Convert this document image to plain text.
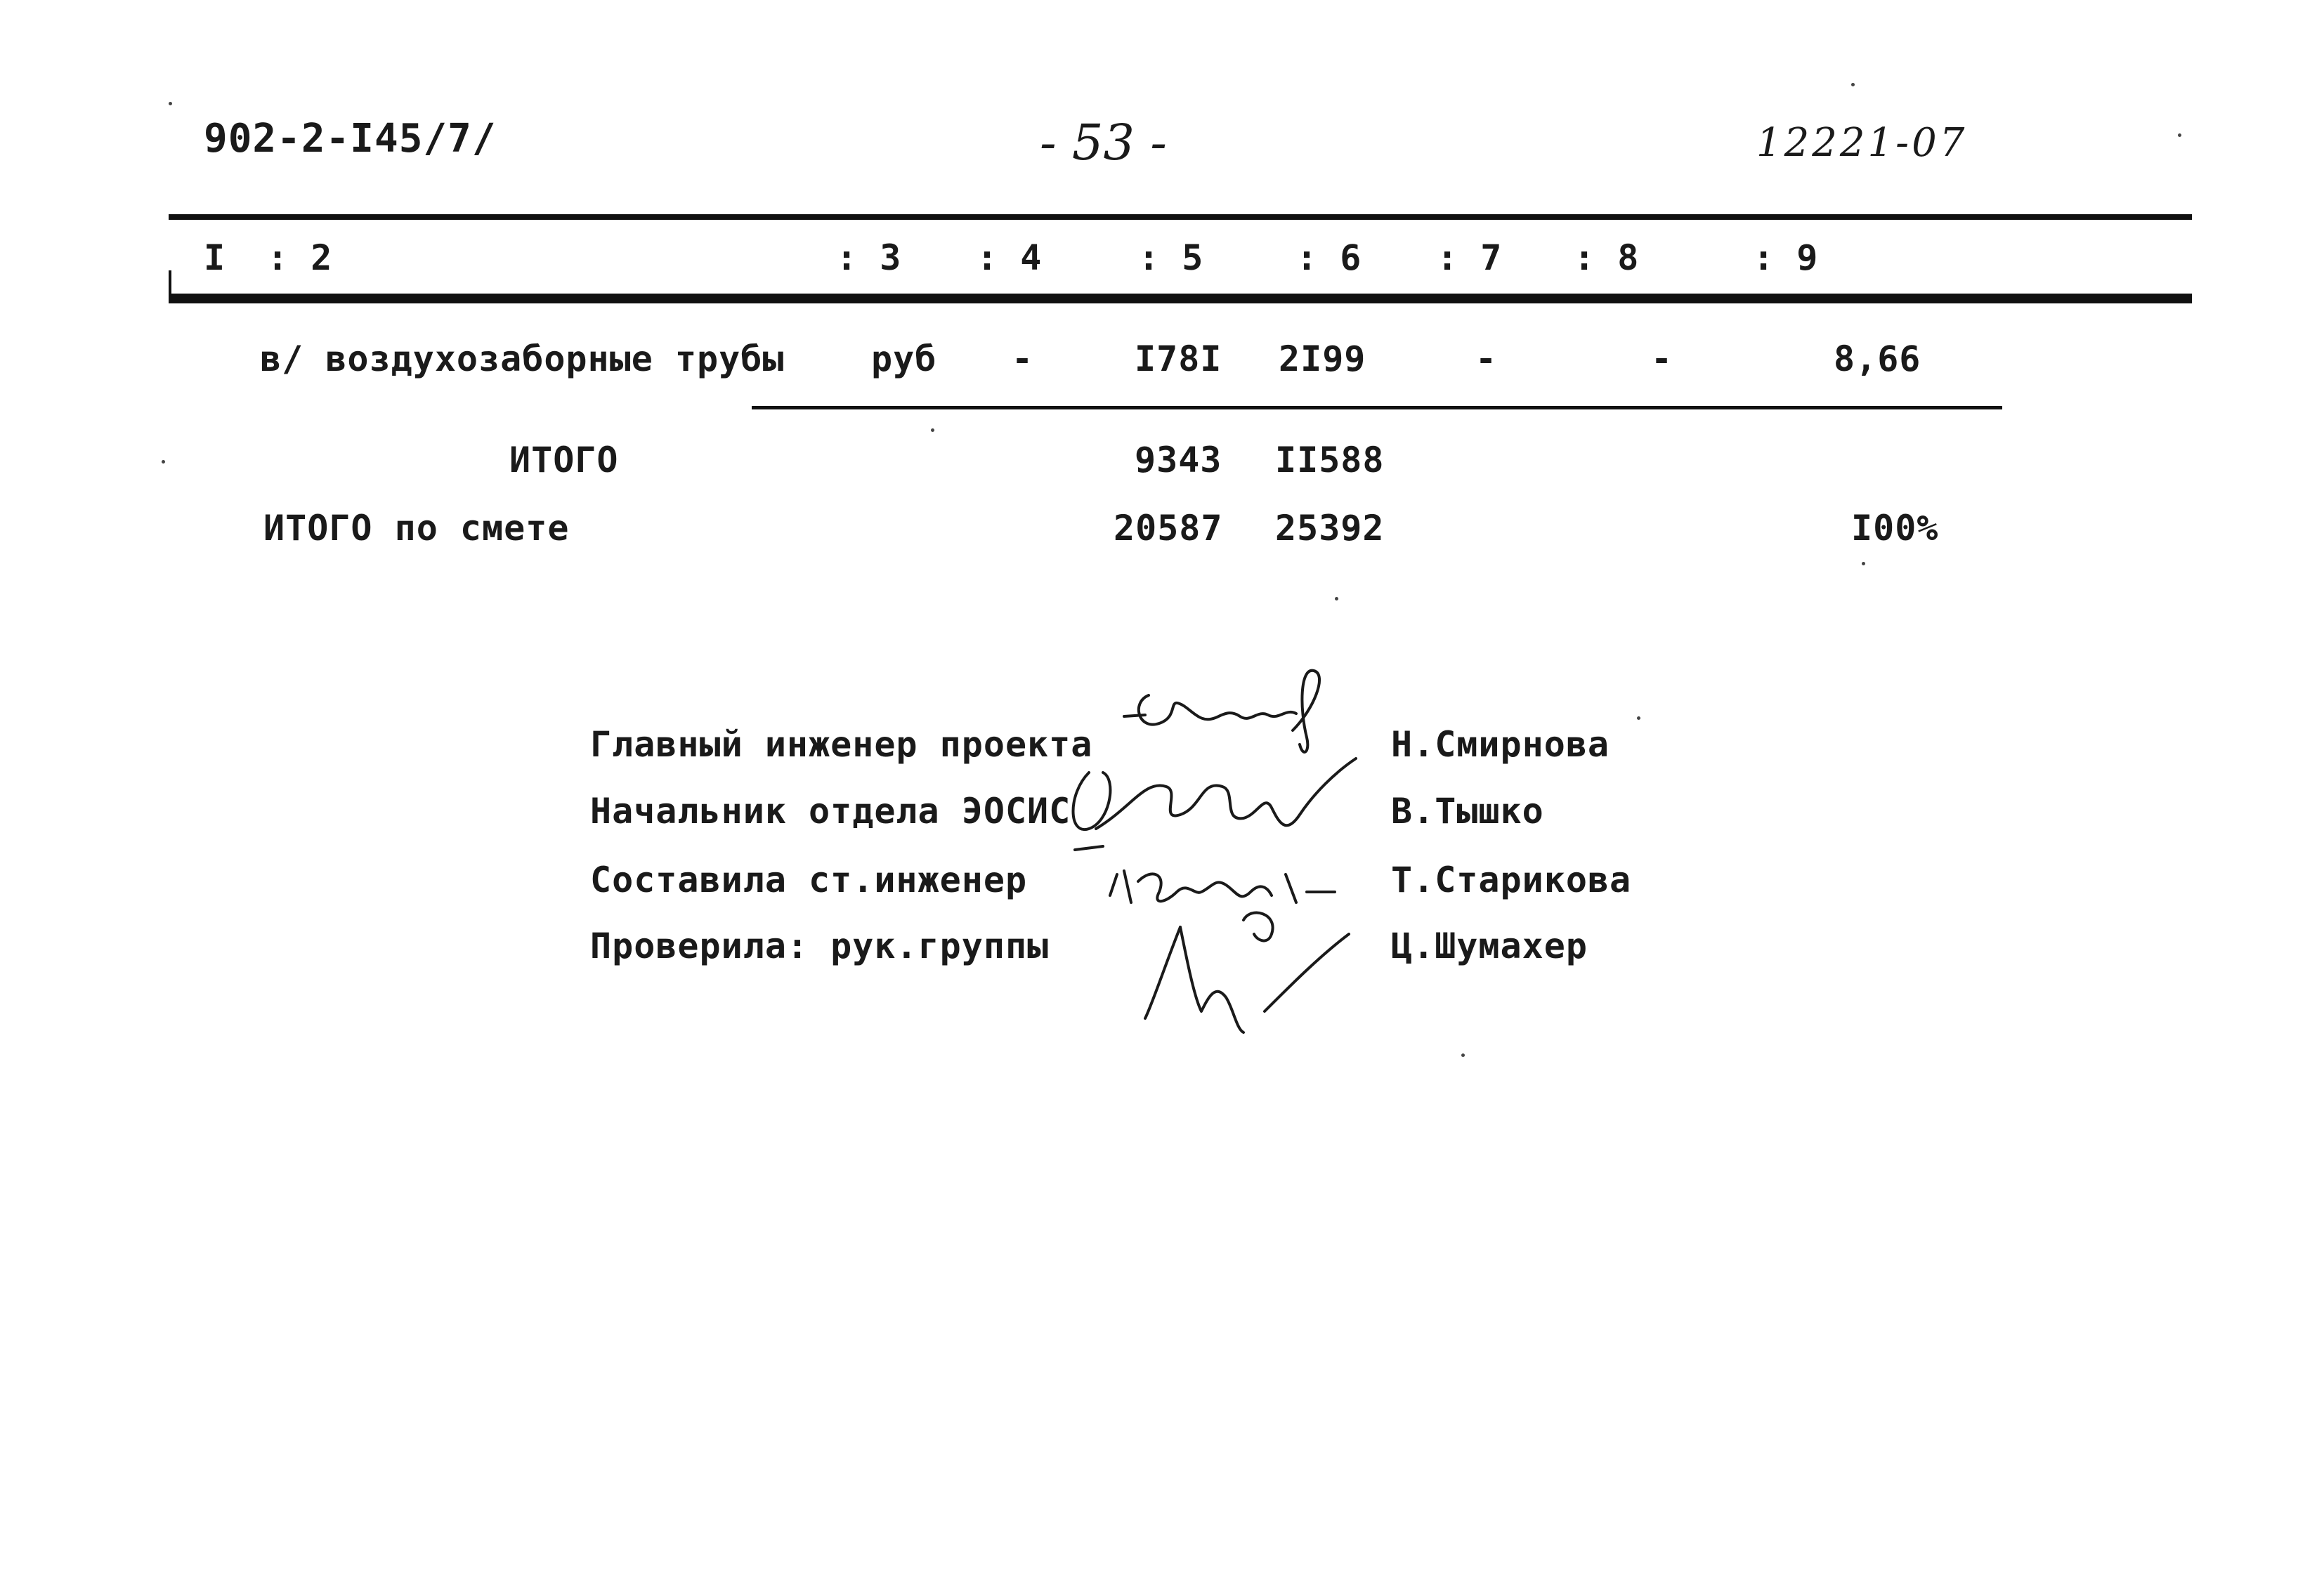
902-2-I45/7/	- 53 -	12221-07
I : 2	: 3 : 4	: 5	: 6 : 7 : 8	: 9
в/ воздухозаборные трубы руб -	I78I 2I99	-	-	8,66
ИТОГО	9343 II588
ИТОГО по смете	20587 25392	I00%
Главный инженер проекта	Н.Смирнова
Начальник отдела ЭОСИС	В.Тышко
Составила ст.инженер	Т.Старикова
Проверила: рук.группы	Ц.Шумахер
